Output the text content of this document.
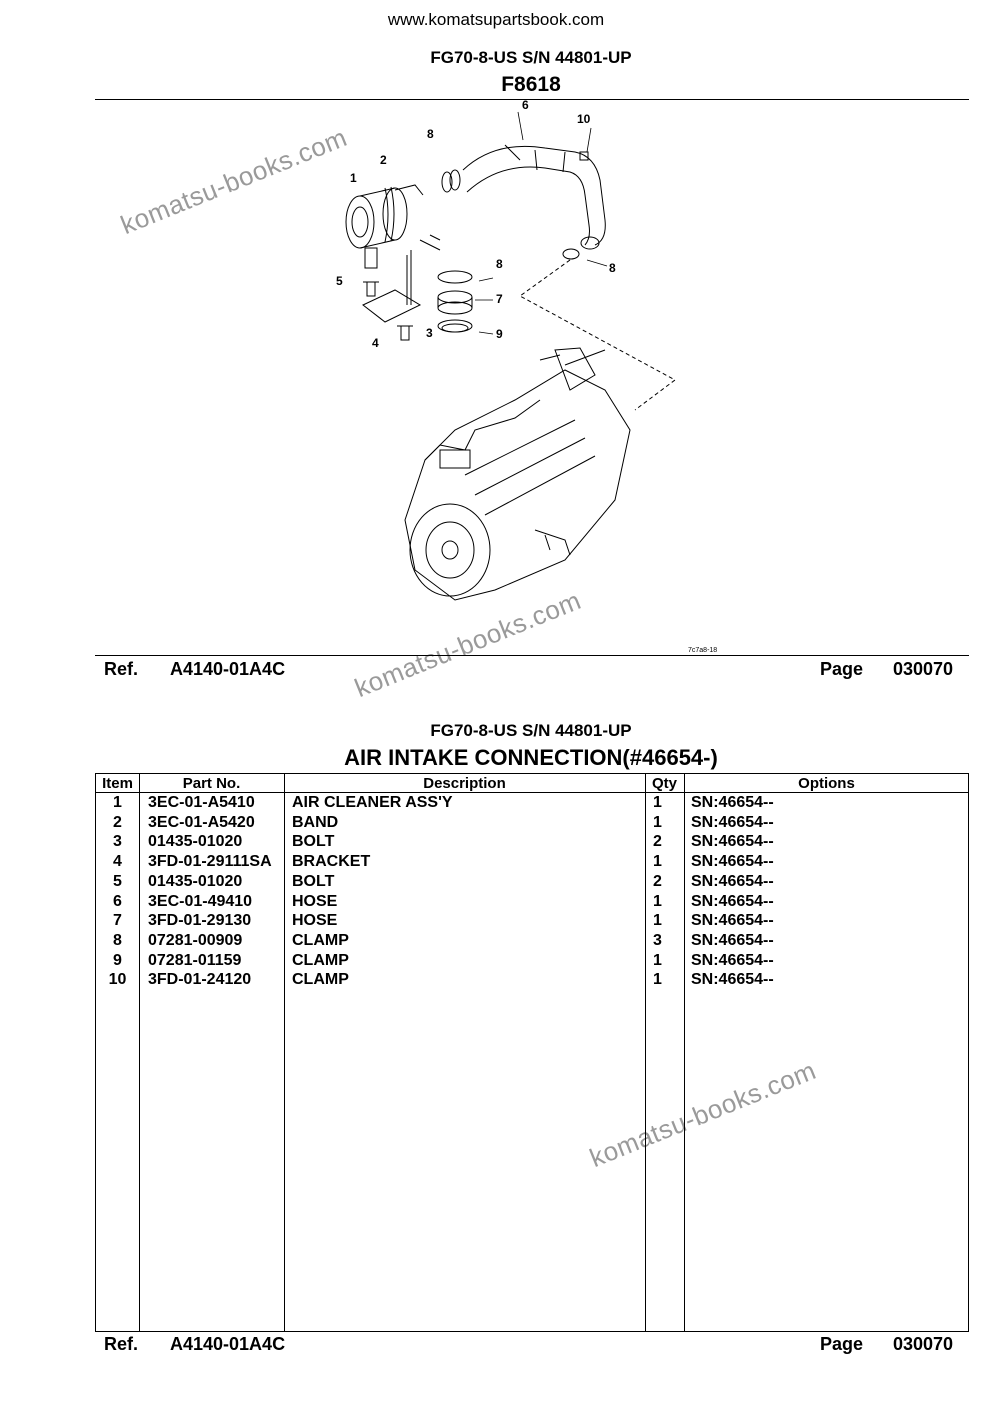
www.komatsupartsbook.com
FG70-8-US S/N 44801-UP
F8618
1
2
3
4
5
6
7
8
8	8
9
10
7c7a8-18
komatsu-books.com
komatsu-books.com
komatsu-books.com
Ref. A4140-01A4C	Page 030070
FG70-8-US S/N 44801-UP
AIR INTAKE CONNECTION(#46654-)
Item	Part No.	Description	Qty	Options
1	3EC-01-A5410 AIR CLEANER ASS'Y	1 SN:46654--
2	3EC-01-A5420 BAND	1 SN:46654--
3	01435-01020	BOLT	2 SN:46654--
4	3FD-01-29111SA BRACKET	1 SN:46654--
5	01435-01020	BOLT	2 SN:46654--
6	3EC-01-49410 HOSE	1 SN:46654--
7	3FD-01-29130	HOSE	1 SN:46654--
8	07281-00909	CLAMP	3 SN:46654--
9	07281-01159	CLAMP	1 SN:46654--
10	3FD-01-24120	CLAMP	1 SN:46654--
Ref. A4140-01A4C	Page 030070
